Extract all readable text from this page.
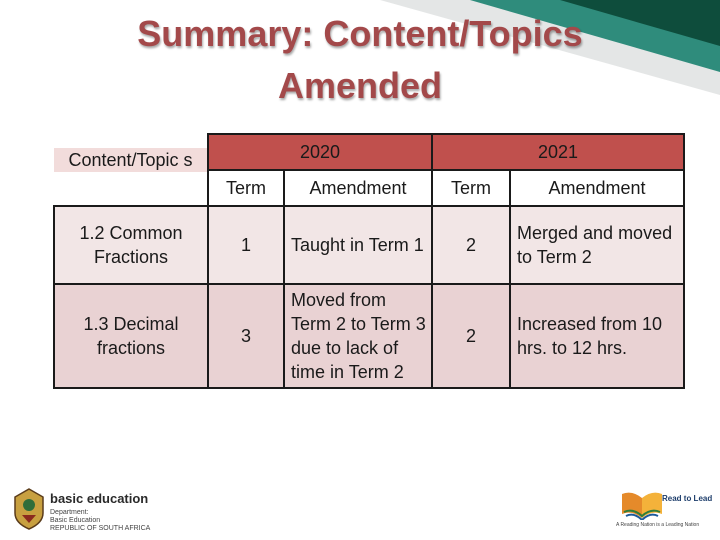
Summary: Content/Topics
Amended
Content/Topic s	2020		2021	
	Term	Amendment	Term	Amendment
1.2 Common Fractions	1	Taught in Term 1	2	Merged and moved to Term 2
1.3 Decimal fractions	3	Moved from Term 2 to Term 3 due to lack of time in Term 2	2	Increased from 10 hrs. to 12 hrs.
basic education
Department:
Basic Education
REPUBLIC OF SOUTH AFRICA
Read to Lead
A Reading Nation is a Leading Nation
